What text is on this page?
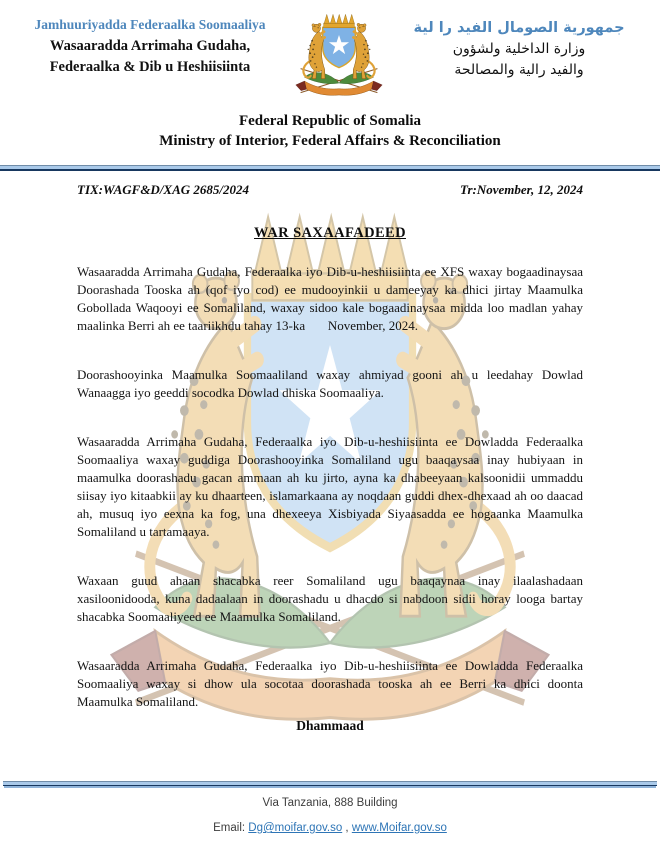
Jamhuuriyadda Federaalka Soomaaliya
Wasaaradda Arrimaha Gudaha,
Federaalka & Dib u Heshiisiinta
جمهورية الصومال الفيد را لية
وزارة الداخلية ولشؤون
والفيد رالية والمصالحة
Federal Republic of Somalia
Ministry of Interior, Federal Affairs & Reconciliation
TIX:WAGF&D/XAG 2685/2024	Tr:November, 12, 2024
WAR SAXAAFADEED

Wasaaradda Arrimaha Gudaha, Federaalka iyo Dib-u-heshiisiinta ee XFS waxay bogaadinaysaa Doorashada Tooska ah (qof iyo cod) ee mudooyinkii u dameeyay ka dhici jirtay Maamulka Gobollada Waqooyi ee Somaliland, waxay sidoo kale bogaadinaysaa midda loo madlan yahay maalinka Berri ah ee taariikhdu tahay 13-ka       November, 2024.

Doorashooyinka Maamulka Soomaaliland waxay ahmiyad gooni ah u leedahay Dowlad Wanaagga iyo geeddi socodka Dowlad dhiska Soomaaliya.

Wasaaradda Arrimaha Gudaha, Federaalka iyo Dib-u-heshiisiinta ee Dowladda Federaalka Soomaaliya waxay guddiga Doorashooyinka Somaliland ugu baaqaysaa inay hubiyaan in maamulka doorashadu gacan ammaan ah ku jirto, ayna ka dhabeeyaan kalsoonidii ummaddu siisay iyo kitaabkii ay ku dhaarteen, islamarkaana ay noqdaan guddi dhex-dhexaad ah oo daacad ah, musuq iyo eexna ka fog, una dhexeeya Xisbiyada Siyaasadda ee hogaanka Maamulka Somaliland u tartamaaya.

Waxaan guud ahaan shacabka reer Somaliland ugu baaqaynaa inay ilaalashadaan xasiloonidooda, kuna dadaalaan in doorashadu u dhacdo si nabdoon sidii horay looga bartay shacabka Soomaaliyeed ee Maamulka Somaliland.

Wasaaradda Arrimaha Gudaha, Federaalka iyo Dib-u-heshiisiinta ee Dowladda Federaalka Soomaaliya waxay si dhow ula socotaa doorashada tooska ah ee Berri ka dhici doonta Maamulka Somaliland.

Dhammaad
Via Tanzania, 888 Building
Email: Dg@moifar.gov.so , www.Moifar.gov.so
